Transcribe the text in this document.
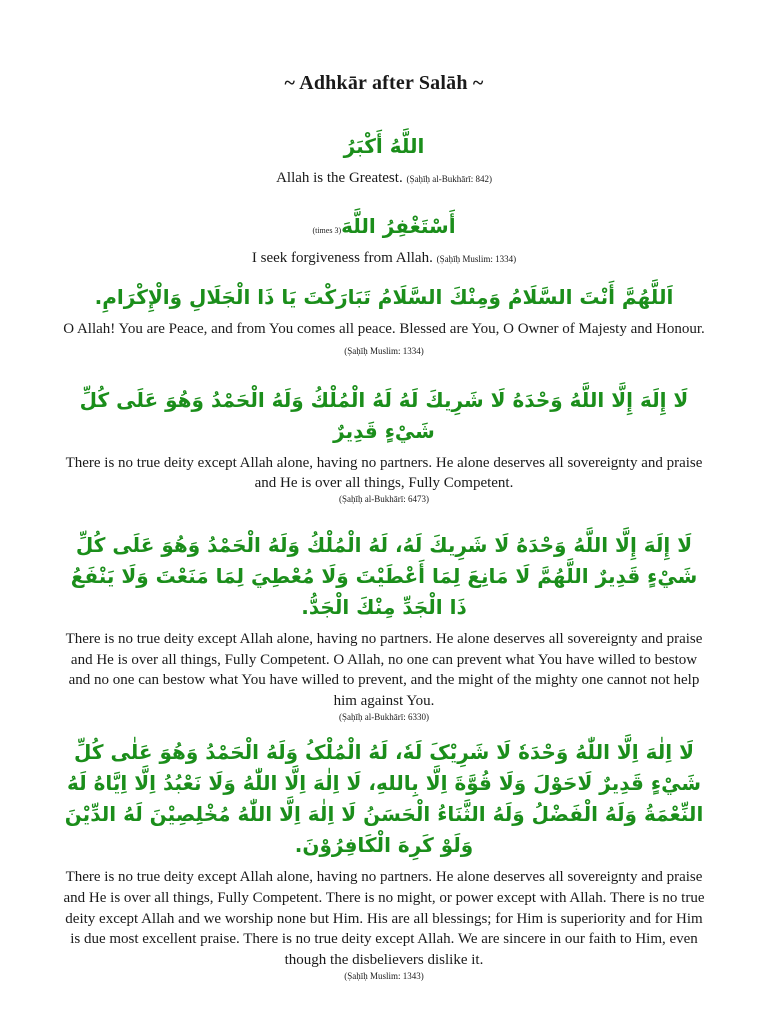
~ Adhkār after Salāh ~

اللَّهُ أَكْبَرُ

Allah is the Greatest. (Ṣaḥīḥ al-Bukhārī: 842)

أَسْتَغْفِرُ اللَّهَ(3 times)

I seek forgiveness from Allah. (Ṣaḥīḥ Muslim: 1334)

اَللَّهُمَّ أَنْتَ السَّلَامُ وَمِنْكَ السَّلَامُ تَبَارَكْتَ يَا ذَا الْجَلَالِ وَالْإِكْرَامِ.

O Allah! You are Peace, and from You comes all peace. Blessed are You, O Owner of Majesty and Honour. (Ṣaḥīḥ Muslim: 1334)

لَا إِلَهَ إِلَّا اللَّهُ وَحْدَهُ لَا شَرِيكَ لَهُ لَهُ الْمُلْكُ وَلَهُ الْحَمْدُ وَهُوَ عَلَى كُلِّ شَيْءٍ قَدِيرٌ

There is no true deity except Allah alone, having no partners. He alone deserves all sovereignty and praise and He is over all things, Fully Competent.

(Ṣaḥīḥ al-Bukhārī: 6473)

لَا إِلَهَ إِلَّا اللَّهُ وَحْدَهُ لَا شَرِيكَ لَهُ، لَهُ الْمُلْكُ وَلَهُ الْحَمْدُ وَهُوَ عَلَى كُلِّ شَيْءٍ قَدِيرٌ اللَّهُمَّ لَا مَانِعَ لِمَا أَعْطَيْتَ وَلَا مُعْطِيَ لِمَا مَنَعْتَ وَلَا يَنْفَعُ ذَا الْجَدِّ مِنْكَ الْجَدُّ.

There is no true deity except Allah alone, having no partners. He alone deserves all sovereignty and praise and He is over all things, Fully Competent. O Allah, no one can prevent what You have willed to bestow and no one can bestow what You have willed to prevent, and the might of the mighty one cannot not help him against You.

(Ṣaḥīḥ al-Bukhārī: 6330)

لَا اِلٰهَ اِلَّا اللّٰهُ وَحْدَهٗ لَا شَرِيْکَ لَهٗ، لَهُ الْمُلْکُ وَلَهُ الْحَمْدُ وَهُوَ عَلٰى كُلِّ شَيْءٍ قَدِيرٌ لَاحَوْلَ وَلَا قُوَّةَ اِلَّا بِاللهِ، لَا اِلٰهَ اِلَّا اللّٰهُ وَلَا نَعْبُدُ اِلَّا اِيَّاهُ لَهُ النِّعْمَةُ وَلَهُ الْفَضْلُ وَلَهُ الثَّنَاءُ الْحَسَنُ لَا اِلٰهَ اِلَّا اللّٰهُ مُخْلِصِيْنَ لَهُ الدِّيْنَ وَلَوْ كَرِهَ الْكَافِرُوْنَ.

There is no true deity except Allah alone, having no partners. He alone deserves all sovereignty and praise and He is over all things, Fully Competent. There is no might, or power except with Allah. There is no true deity except Allah and we worship none but Him. His are all blessings; for Him is superiority and for Him is due most excellent praise. There is no true deity except Allah. We are sincere in our faith to Him, even though the disbelievers dislike it.

(Ṣaḥīḥ Muslim: 1343)
